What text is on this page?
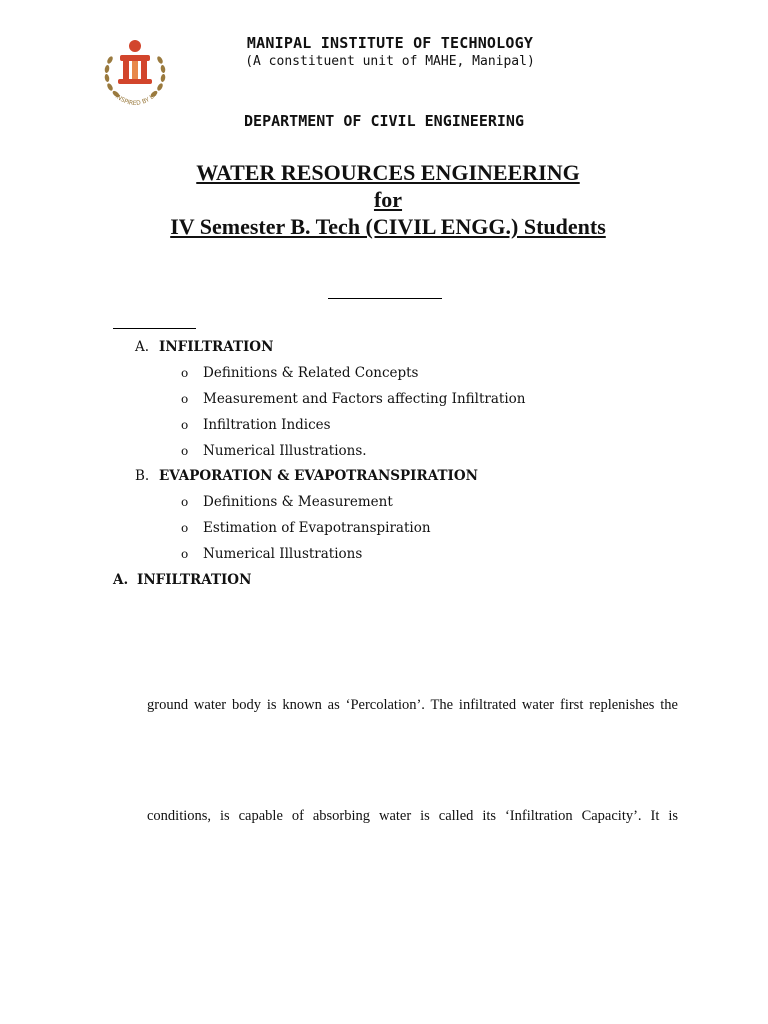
INSPIRED BY LIF
MANIPAL INSTITUTE OF TECHNOLOGY
(A constituent unit of MAHE, Manipal)
DEPARTMENT OF CIVIL ENGINEERING
WATER RESOURCES ENGINEERING
for
IV Semester B. Tech (CIVIL ENGG.) Students
A. INFILTRATION
o Definitions & Related Concepts
o Measurement and Factors affecting Infiltration
o Infiltration Indices
o Numerical Illustrations.
B. EVAPORATION & EVAPOTRANSPIRATION
o Definitions & Measurement
o Estimation of Evapotranspiration
o Numerical Illustrations
A. INFILTRATION
ground water body is known as ‘Percolation’. The infiltrated water first replenishes the
conditions, is capable of absorbing water is called its ‘Infiltration Capacity’. It is
